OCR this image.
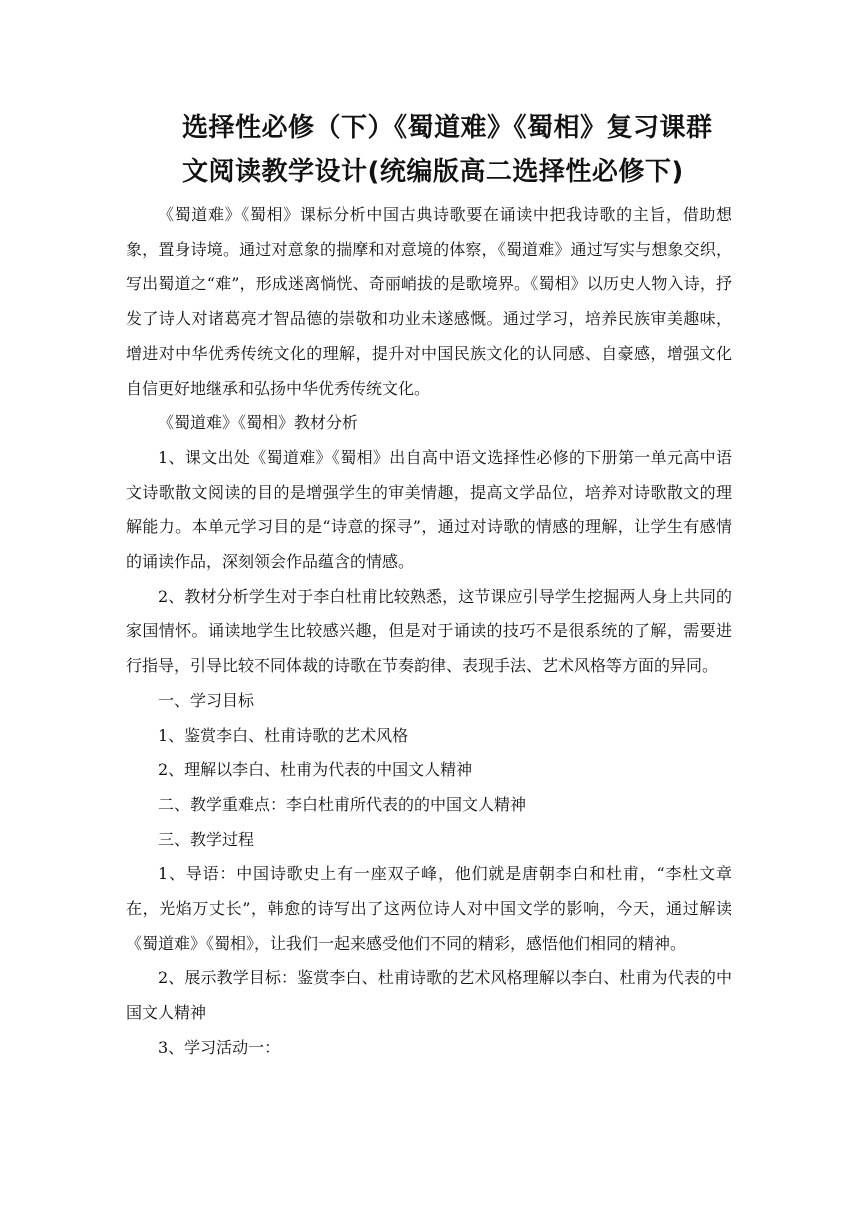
选择性必修（下）《蜀道难》《蜀相》复习课群
文阅读教学设计(统编版高二选择性必修下)

《蜀道难》《蜀相》课标分析中国古典诗歌要在诵读中把我诗歌的主旨，借助想象，置身诗境。通过对意象的揣摩和对意境的体察，《蜀道难》通过写实与想象交织，写出蜀道之“难”，形成迷离惝恍、奇丽峭拔的是歌境界。《蜀相》以历史人物入诗，抒发了诗人对诸葛亮才智品德的崇敬和功业未遂感慨。通过学习，培养民族审美趣味，增进对中华优秀传统文化的理解，提升对中国民族文化的认同感、自豪感，增强文化自信更好地继承和弘扬中华优秀传统文化。

《蜀道难》《蜀相》教材分析

1、课文出处《蜀道难》《蜀相》出自高中语文选择性必修的下册第一单元高中语文诗歌散文阅读的目的是增强学生的审美情趣，提高文学品位，培养对诗歌散文的理解能力。本单元学习目的是“诗意的探寻”，通过对诗歌的情感的理解，让学生有感情的诵读作品，深刻领会作品蕴含的情感。

2、教材分析学生对于李白杜甫比较熟悉，这节课应引导学生挖掘两人身上共同的家国情怀。诵读地学生比较感兴趣，但是对于诵读的技巧不是很系统的了解，需要进行指导，引导比较不同体裁的诗歌在节奏韵律、表现手法、艺术风格等方面的异同。

一、学习目标

1、鉴赏李白、杜甫诗歌的艺术风格

2、理解以李白、杜甫为代表的中国文人精神

二、教学重难点：李白杜甫所代表的的中国文人精神

三、教学过程

1、导语：中国诗歌史上有一座双子峰，他们就是唐朝李白和杜甫，“李杜文章在，光焰万丈长”，韩愈的诗写出了这两位诗人对中国文学的影响，今天，通过解读《蜀道难》《蜀相》，让我们一起来感受他们不同的精彩，感悟他们相同的精神。

2、展示教学目标：鉴赏李白、杜甫诗歌的艺术风格理解以李白、杜甫为代表的中国文人精神

3、学习活动一：
